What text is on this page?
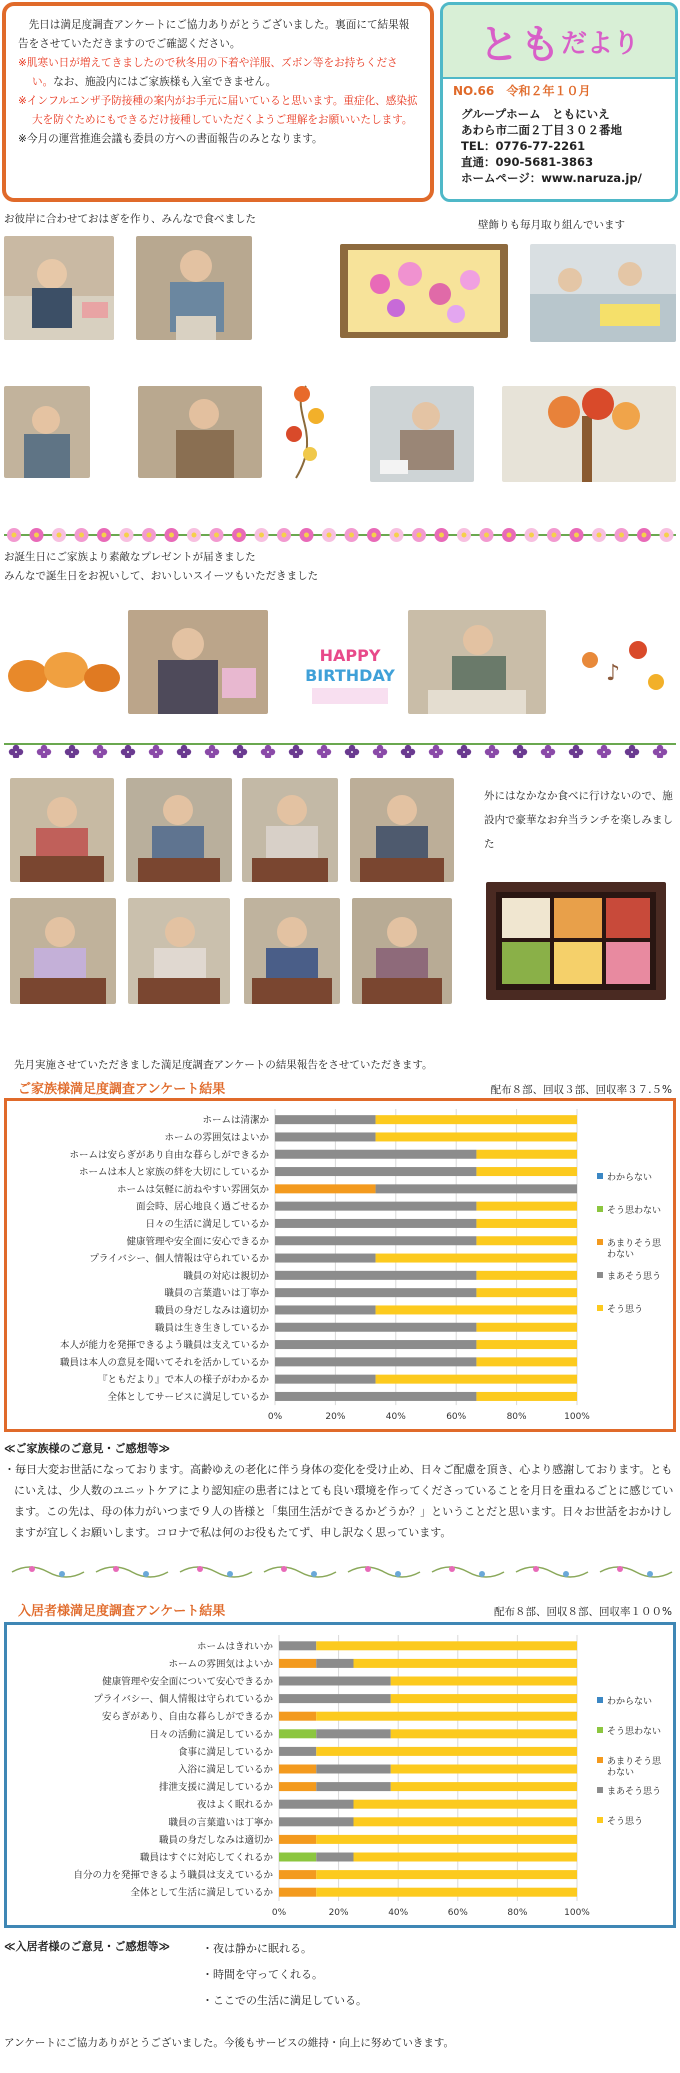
　先日は満足度調査アンケートにご協力ありがとうございました。裏面にて結果報告をさせていただきますのでご確認ください。

※肌寒い日が増えてきましたので秋冬用の下着や洋服、ズボン等をお持ちください。なお、施設内にはご家族様も入室できません。

※インフルエンザ予防接種の案内がお手元に届いていると思います。重症化、感染拡大を防ぐためにもできるだけ接種していただくようご理解をお願いいたします。

※今月の運営推進会議も委員の方への書面報告のみとなります。

とも だより
NO.66 令和２年１０月
グループホーム　ともにいえ
あわら市二面２丁目３０２番地
TEL：0776-77-2261
直通：090-5681-3863
ホームページ：www.naruza.jp/
お彼岸に合わせておはぎを作り、みんなで食べました	壁飾りも毎月取り組んでいます
お誕生日にご家族より素敵なプレゼントが届きました
みんなで誕生日をお祝いして、おいしいスイーツもいただきました
HAPPY
BIRTHDAY	♪
外にはなかなか食べに行けないので、施設内で豪華なお弁当ランチを楽しみました
先月実施させていただきました満足度調査アンケートの結果報告をさせていただきます。
ご家族様満足度調査アンケート結果	配布８部、回収３部、回収率３７.５%
0%	20%	40%	60%	80%	100%
ホームは清潔か
ホームの雰囲気はよいか
ホームは安らぎがあり自由な暮らしができるか
ホームは本人と家族の絆を大切にしているか
ホームは気軽に訪ねやすい雰囲気か
面会時、居心地良く過ごせるか
日々の生活に満足しているか
健康管理や安全面に安心できるか
プライバシー、個人情報は守られているか
職員の対応は親切か
職員の言葉遣いは丁寧か
職員の身だしなみは適切か
職員は生き生きしているか
本人が能力を発揮できるよう職員は支えているか
職員は本人の意見を聞いてそれを活かしているか
『ともだより』で本人の様子がわかるか
全体としてサービスに満足しているか
わからない
そう思わない
あまりそう思
わない
まあそう思う
そう思う
≪ご家族様のご意見・ご感想等≫
・毎日大変お世話になっております。高齢ゆえの老化に伴う身体の変化を受け止め、日々ご配慮を頂き、心より感謝しております。ともにいえは、少人数のユニットケアにより認知症の患者にはとても良い環境を作ってくださっていることを月日を重ねるごとに感じています。この先は、母の体力がいつまで９人の皆様と「集団生活ができるかどうか？」ということだと思います。日々お世話をおかけしますが宜しくお願いします。コロナで私は何のお役もたてず、申し訳なく思っています。
入居者様満足度調査アンケート結果	配布８部、回収８部、回収率１００%
0%	20%	40%	60%	80%	100%
ホームはきれいか
ホームの雰囲気はよいか
健康管理や安全面について安心できるか
プライバシー、個人情報は守られているか
安らぎがあり、自由な暮らしができるか
日々の活動に満足しているか
食事に満足しているか
入浴に満足しているか
排泄支援に満足しているか
夜はよく眠れるか
職員の言葉遣いは丁寧か
職員の身だしなみは適切か
職員はすぐに対応してくれるか
自分の力を発揮できるよう職員は支えているか
全体として生活に満足しているか
わからない
そう思わない
あまりそう思
わない
まあそう思う
そう思う
≪入居者様のご意見・ご感想等≫	・夜は静かに眠れる。
・時間を守ってくれる。
・ここでの生活に満足している。
アンケートにご協力ありがとうございました。今後もサービスの維持・向上に努めていきます。
